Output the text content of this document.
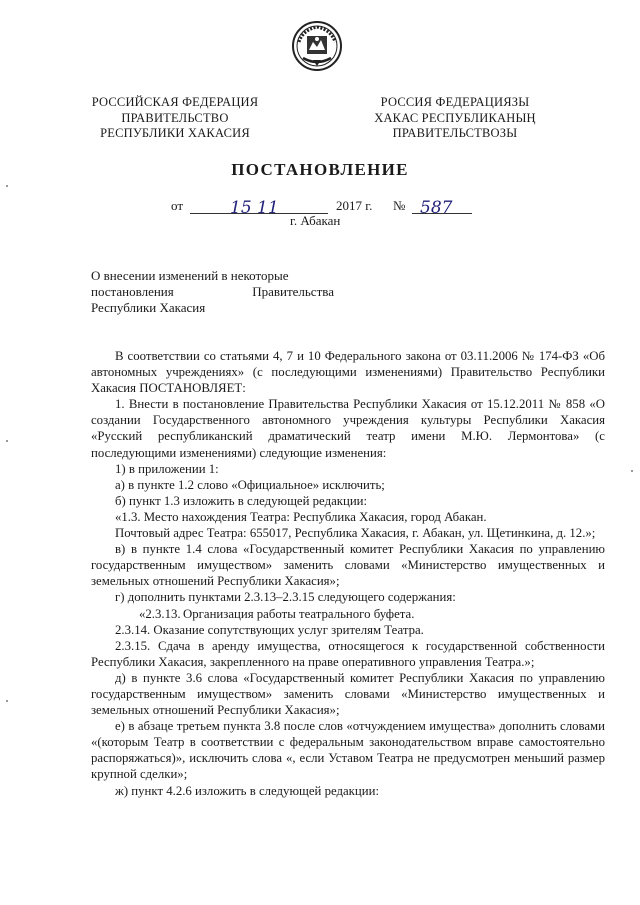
РОССИЙСКАЯ ФЕДЕРАЦИЯ
ПРАВИТЕЛЬСТВО
РЕСПУБЛИКИ ХАКАСИЯ
РОССИЯ ФЕДЕРАЦИЯЗЫ
ХАКАС РЕСПУБЛИКАНЫҢ
ПРАВИТЕЛЬСТВОЗЫ
ПОСТАНОВЛЕНИЕ
от	15 11	2017 г. № 587
г. Абакан
О внесении изменений в некоторые
постановления	Правительства
Республики Хакасия

В соответствии со статьями 4, 7 и 10 Федерального закона от 03.11.2006 № 174-ФЗ «Об автономных учреждениях» (с последующими изменениями) Правительство Республики Хакасия ПОСТАНОВЛЯЕТ:

1. Внести в постановление Правительства Республики Хакасия от 15.12.2011 № 858 «О создании Государственного автономного учреждения культуры Республики Хакасия «Русский республиканский драматический театр имени М.Ю. Лермонтова» (с последующими изменениями) следующие изменения:

1) в приложении 1:

а) в пункте 1.2 слово «Официальное» исключить;

б) пункт 1.3 изложить в следующей редакции:

«1.3. Место нахождения Театра: Республика Хакасия, город Абакан.

Почтовый адрес Театра: 655017, Республика Хакасия, г. Абакан, ул. Щетинкина, д. 12.»;

в) в пункте 1.4 слова «Государственный комитет Республики Хакасия по управлению государственным имуществом» заменить словами «Министерство имущественных и земельных отношений Республики Хакасия»;

г) дополнить пунктами 2.3.13–2.3.15 следующего содержания:

«2.3.13. Организация работы театрального буфета.

2.3.14. Оказание сопутствующих услуг зрителям Театра.

2.3.15. Сдача в аренду имущества, относящегося к государственной собственности Республики Хакасия, закрепленного на праве оперативного управления Театра.»;

д) в пункте 3.6 слова «Государственный комитет Республики Хакасия по управлению государственным имуществом» заменить словами «Министерство имущественных и земельных отношений Республики Хакасия»;

е) в абзаце третьем пункта 3.8 после слов «отчуждением имущества» дополнить словами «(которым Театр в соответствии с федеральным законодательством вправе самостоятельно распоряжаться)», исключить слова «, если Уставом Театра не предусмотрен меньший размер крупной сделки»;

ж) пункт 4.2.6 изложить в следующей редакции:
